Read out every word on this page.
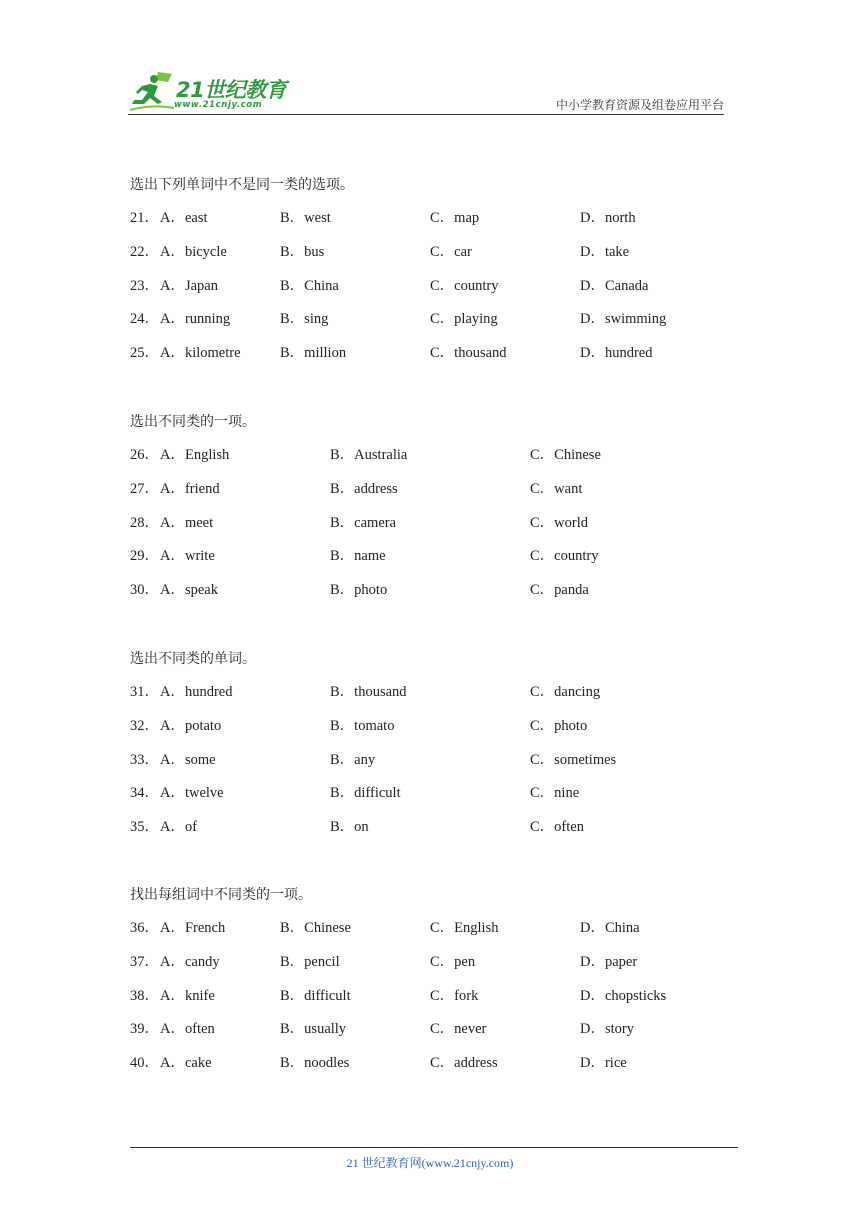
21世纪教育
www.21cnjy.com	中小学教育资源及组卷应用平台
选出下列单词中不是同一类的选项。
21． A．east	B．west	C．map	D．north
22． A．bicycle	B．bus	C．car	D．take
23． A．Japan	B．China	C．country	D．Canada
24． A．running	B．sing	C．playing	D．swimming
25． A．kilometre	B．million	C．thousand	D．hundred
选出不同类的一项。
26． A．English	B．Australia	C．Chinese
27． A．friend	B．address	C．want
28． A．meet	B．camera	C．world
29． A．write	B．name	C．country
30． A．speak	B．photo	C．panda
选出不同类的单词。
31． A．hundred	B．thousand	C．dancing
32． A．potato	B．tomato	C．photo
33． A．some	B．any	C．sometimes
34． A．twelve	B．difficult	C．nine
35． A．of	B．on	C．often
找出每组词中不同类的一项。
36． A．French	B．Chinese	C．English	D．China
37． A．candy	B．pencil	C．pen	D．paper
38． A．knife	B．difficult	C．fork	D．chopsticks
39． A．often	B．usually	C．never	D．story
40． A．cake	B．noodles	C．address	D．rice
21 世纪教育网(www.21cnjy.com)
